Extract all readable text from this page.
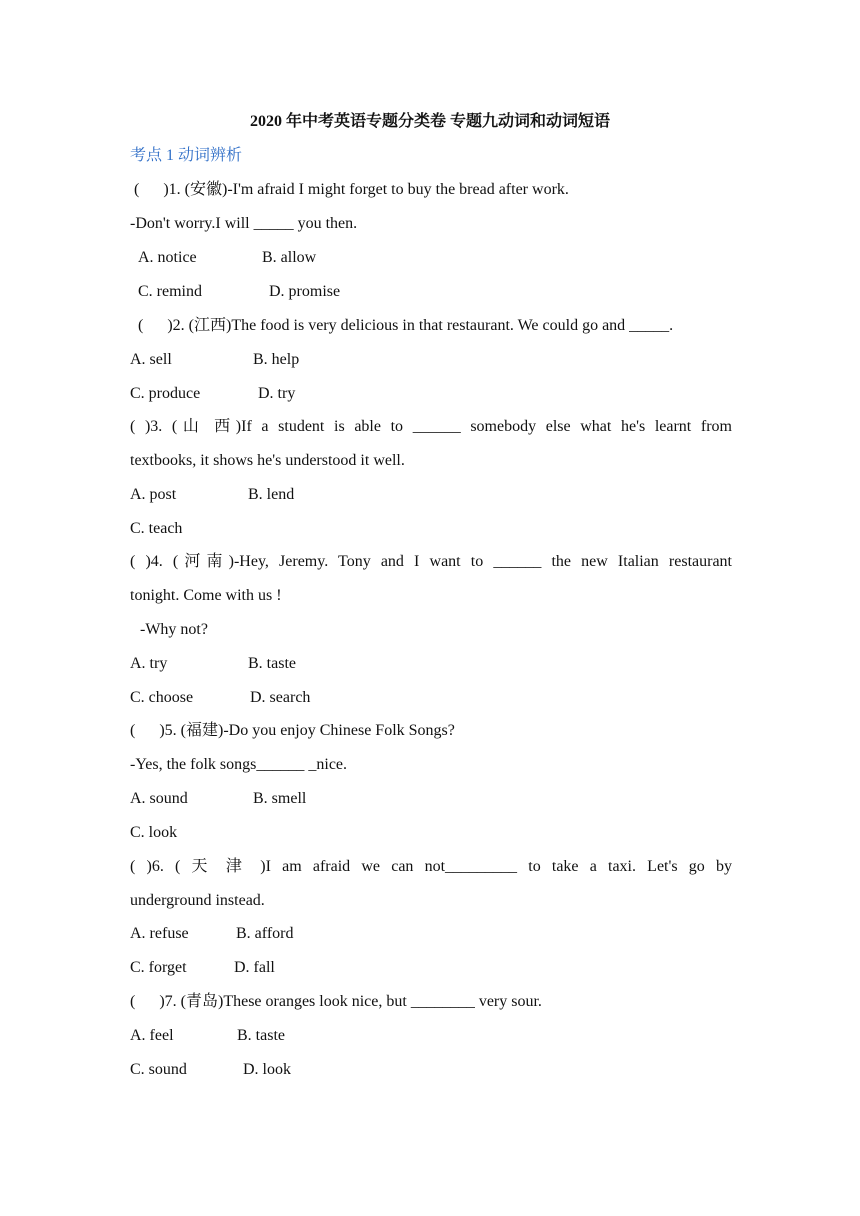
2020 年中考英语专题分类卷 专题九动词和动词短语
考点 1 动词辨析
(      )1. (安徽)-I'm afraid I might forget to buy the bread after work.
-Don't worry.I will _____ you then.
A. notice	B. allow
C. remind	D. promise
(      )2. (江西)The food is very delicious in that restaurant. We could go and _____.
A. sell	B. help
C. produce	D. try
( )3. (山 西)If a student is able to ______ somebody else what he's learnt from
textbooks, it shows he's understood it well.
A. post	B. lend
C. teach
( )4. (河南)-Hey, Jeremy. Tony and I want to ______ the new Italian restaurant
tonight. Come with us !
-Why not?
A. try	B. taste
C. choose	D. search
(      )5. (福建)-Do you enjoy Chinese Folk Songs?
-Yes, the folk songs______ _nice.
A. sound	B. smell
C. look
( )6. ( 天 津 )I am afraid we can not_________ to take a taxi. Let's go by
underground instead.
A. refuse	B. afford
C. forget	D. fall
(      )7. (青岛)These oranges look nice, but ________ very sour.
A. feel	B. taste
C. sound	D. look
